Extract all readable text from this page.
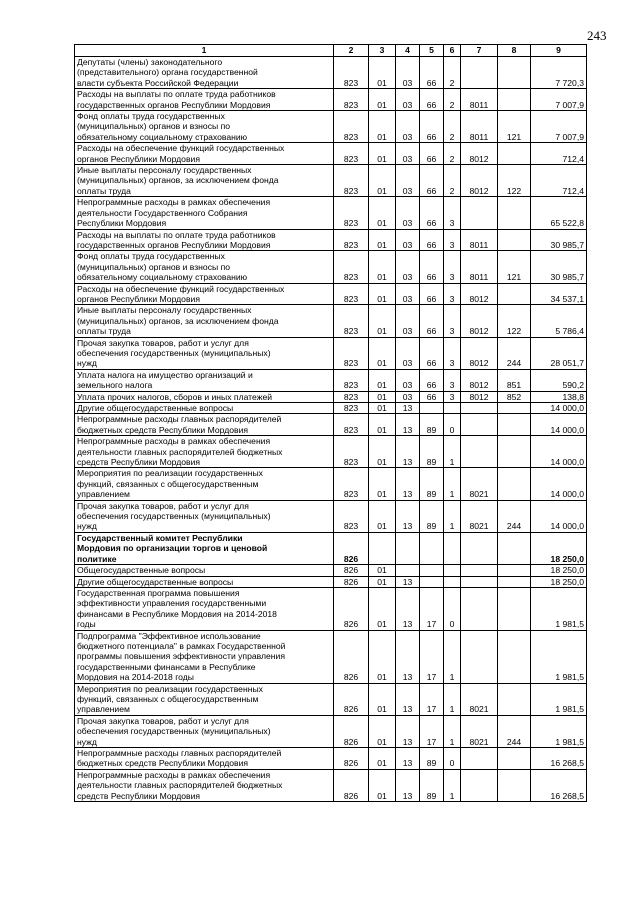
243
1	2	3	4	5	6	7	8	9

Депутаты (члены) законодательного
(представительного) органа государственной
власти субъекта Российской Федерации	823	01	03	66	2			7 720,3

Расходы на выплаты по оплате труда работников
государственных органов Республики Мордовия	823	01	03	66	2	8011		7 007,9

Фонд оплаты труда государственных
(муниципальных) органов и взносы по
обязательному социальному страхованию	823	01	03	66	2	8011	121	7 007,9

Расходы на обеспечение функций государственных
органов Республики Мордовия	823	01	03	66	2	8012		712,4

Иные выплаты персоналу государственных
(муниципальных) органов, за исключением фонда
оплаты труда	823	01	03	66	2	8012	122	712,4

Непрограммные расходы в рамках обеспечения
деятельности Государственного Собрания
Республики Мордовия	823	01	03	66	3			65 522,8

Расходы на выплаты по оплате труда работников
государственных органов Республики Мордовия	823	01	03	66	3	8011		30 985,7

Фонд оплаты труда государственных
(муниципальных) органов и взносы по
обязательному социальному страхованию	823	01	03	66	3	8011	121	30 985,7

Расходы на обеспечение функций государственных
органов Республики Мордовия	823	01	03	66	3	8012		34 537,1

Иные выплаты персоналу государственных
(муниципальных) органов, за исключением фонда
оплаты труда	823	01	03	66	3	8012	122	5 786,4

Прочая закупка товаров, работ и услуг для
обеспечения государственных (муниципальных)
нужд	823	01	03	66	3	8012	244	28 051,7

Уплата налога на имущество организаций и
земельного налога	823	01	03	66	3	8012	851	590,2

Уплата прочих налогов, сборов и иных платежей	823	01	03	66	3	8012	852	138,8

Другие общегосударственные вопросы	823	01	13					14 000,0

Непрограммные расходы главных распорядителей
бюджетных средств Республики Мордовия	823	01	13	89	0			14 000,0

Непрограммные расходы в рамках обеспечения
деятельности главных распорядителей бюджетных
средств Республики Мордовия	823	01	13	89	1			14 000,0

Мероприятия по реализации государственных
функций, связанных с общегосударственным
управлением	823	01	13	89	1	8021		14 000,0

Прочая закупка товаров, работ и услуг для
обеспечения государственных (муниципальных)
нужд	823	01	13	89	1	8021	244	14 000,0

Государственный комитет Республики
Мордовия по организации торгов и ценовой
политике	826							18 250,0

Общегосударственные вопросы	826	01						18 250,0

Другие общегосударственные вопросы	826	01	13					18 250,0

Государственная программа повышения
эффективности управления государственными
финансами в Республике Мордовия на 2014-2018
годы	826	01	13	17	0			1 981,5

Подпрограмма "Эффективное использование
бюджетного потенциала" в рамках Государственной
программы повышения эффективности управления
государственными финансами в Республике
Мордовия на 2014-2018 годы	826	01	13	17	1			1 981,5

Мероприятия по реализации государственных
функций, связанных с общегосударственным
управлением	826	01	13	17	1	8021		1 981,5

Прочая закупка товаров, работ и услуг для
обеспечения государственных (муниципальных)
нужд	826	01	13	17	1	8021	244	1 981,5

Непрограммные расходы главных распорядителей
бюджетных средств Республики Мордовия	826	01	13	89	0			16 268,5

Непрограммные расходы в рамках обеспечения
деятельности главных распорядителей бюджетных
средств Республики Мордовия	826	01	13	89	1			16 268,5
